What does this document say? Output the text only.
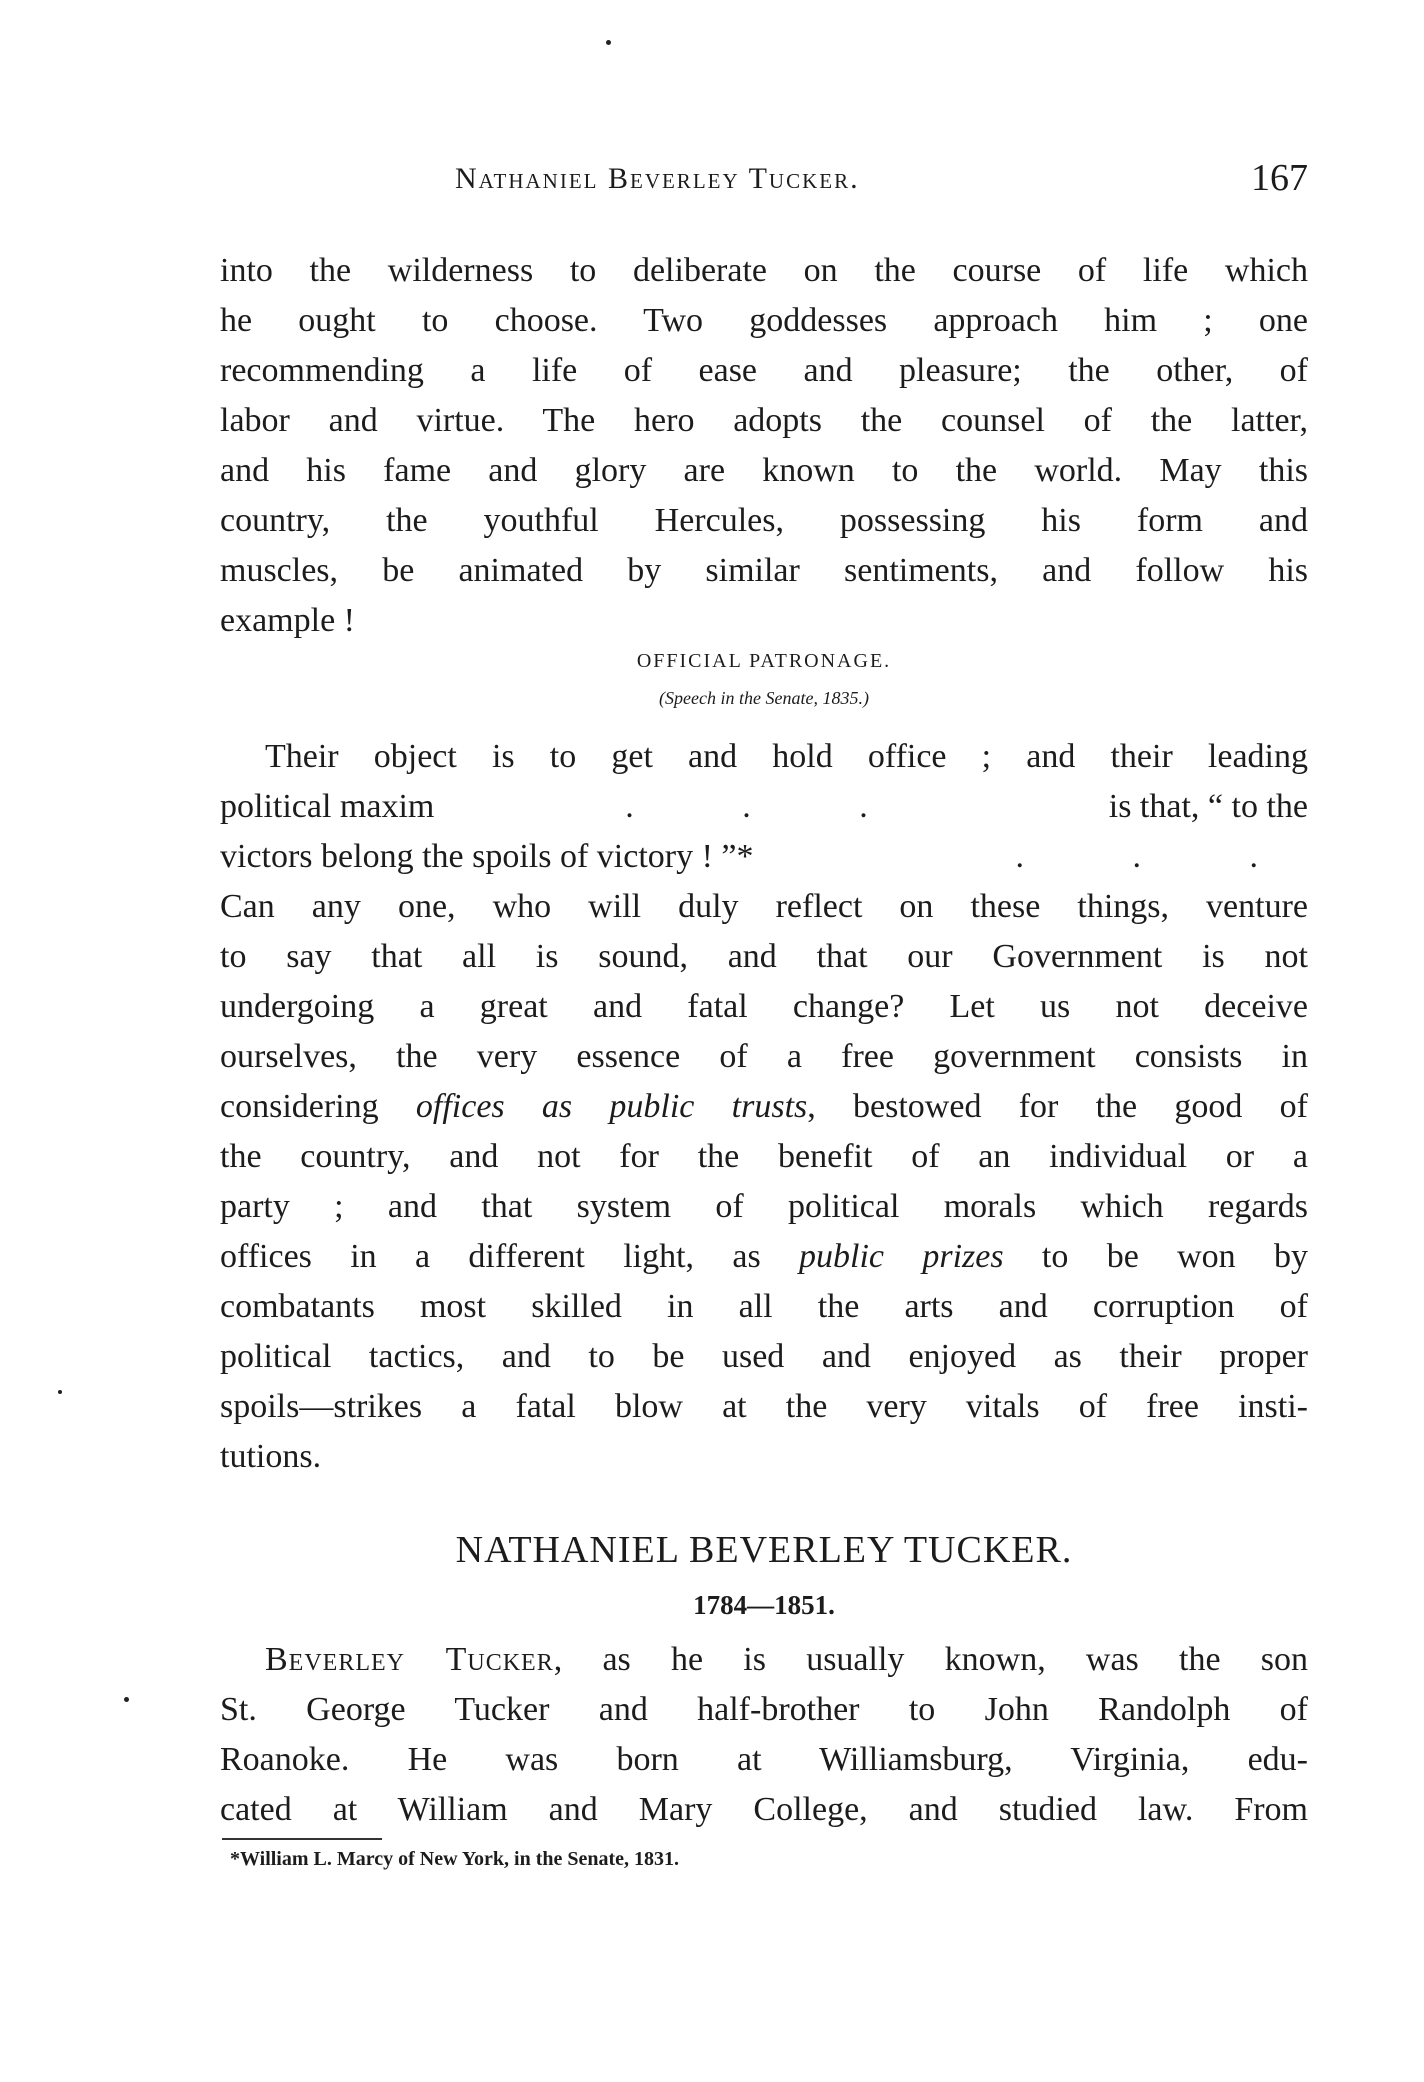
Nathaniel Beverley Tucker.	167
into the wilderness to deliberate on the course of life which
he ought to choose. Two goddesses approach him ; one
recommending a life of ease and pleasure; the other, of
labor and virtue. The hero adopts the counsel of the latter,
and his fame and glory are known to the world. May this
country, the youthful Hercules, possessing his form and
muscles, be animated by similar sentiments, and follow his
example !
OFFICIAL PATRONAGE.
(Speech in the Senate, 1835.)
Their object is to get and hold office ; and their leading
political maxim	. . .	is that, “ to the
victors belong the spoils of victory ! ”*	. . .
Can any one, who will duly reflect on these things, venture
to say that all is sound, and that our Government is not
undergoing a great and fatal change? Let us not deceive
ourselves, the very essence of a free government consists in
considering offices as public trusts, bestowed for the good of
the country, and not for the benefit of an individual or a
party ; and that system of political morals which regards
offices in a different light, as public prizes to be won by
combatants most skilled in all the arts and corruption of
political tactics, and to be used and enjoyed as their proper
spoils—strikes a fatal blow at the very vitals of free insti-
tutions.
NATHANIEL BEVERLEY TUCKER.
1784—1851.
Beverley Tucker, as he is usually known, was the son
St. George Tucker and half-brother to John Randolph of
Roanoke. He was born at Williamsburg, Virginia, edu-
cated at William and Mary College, and studied law. From
*William L. Marcy of New York, in the Senate, 1831.
